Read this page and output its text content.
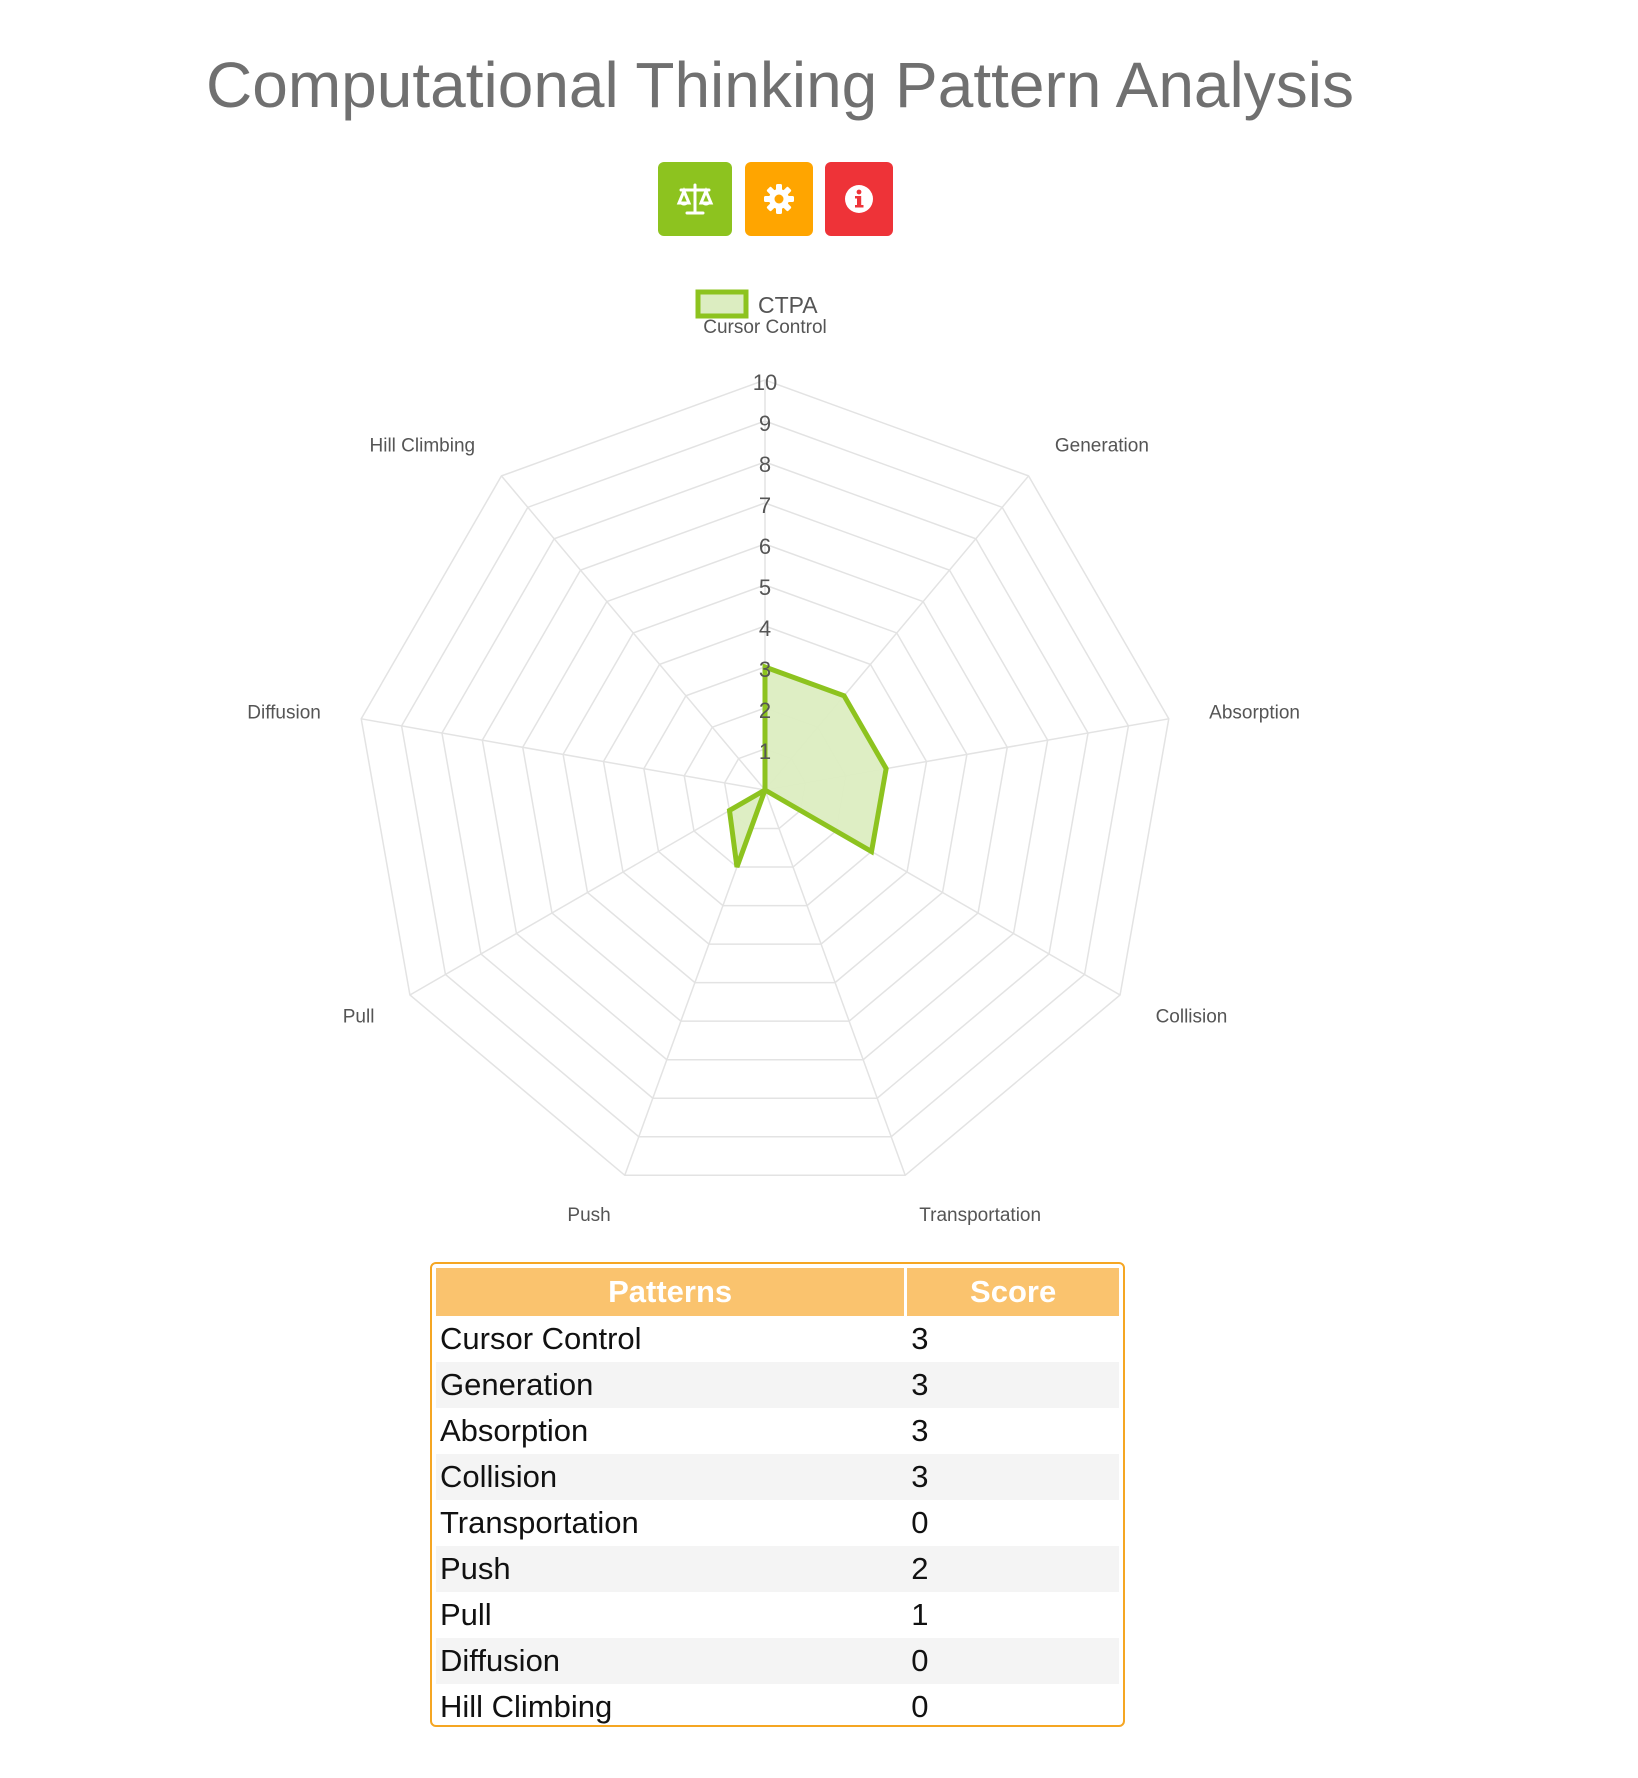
Computational Thinking Pattern Analysis
1
2
3
4
5
6
7
8
9
10
Cursor Control
Generation
Absorption
Collision
Transportation
Push
Pull
Diffusion
Hill Climbing
CTPA
Patterns	Score
Cursor Control	3
Generation	3
Absorption	3
Collision	3
Transportation	0
Push	2
Pull	1
Diffusion	0
Hill Climbing	0
